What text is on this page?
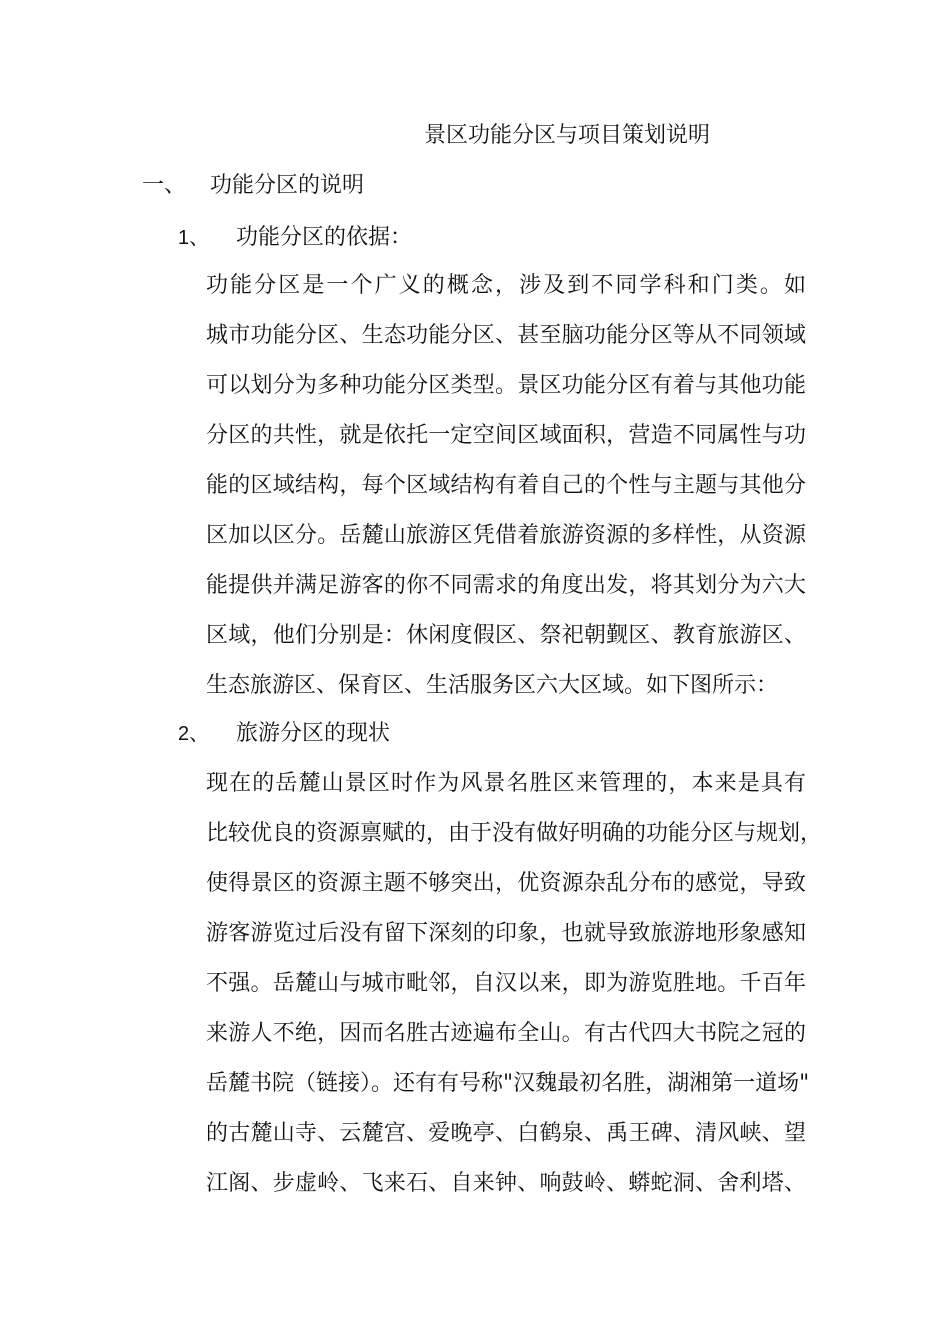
景区功能分区与项目策划说明
一、 功能分区的说明
1、 功能分区的依据：
功能分区是一个广义的概念，涉及到不同学科和门类。如
城市功能分区、生态功能分区、甚至脑功能分区等从不同领域
可以划分为多种功能分区类型。景区功能分区有着与其他功能
分区的共性，就是依托一定空间区域面积，营造不同属性与功
能的区域结构，每个区域结构有着自己的个性与主题与其他分
区加以区分。岳麓山旅游区凭借着旅游资源的多样性，从资源
能提供并满足游客的你不同需求的角度出发，将其划分为六大
区域，他们分别是：休闲度假区、祭祀朝觐区、教育旅游区、
生态旅游区、保育区、生活服务区六大区域。如下图所示：
2、 旅游分区的现状
现在的岳麓山景区时作为风景名胜区来管理的，本来是具有
比较优良的资源禀赋的，由于没有做好明确的功能分区与规划，
使得景区的资源主题不够突出，优资源杂乱分布的感觉，导致
游客游览过后没有留下深刻的印象，也就导致旅游地形象感知
不强。岳麓山与城市毗邻，自汉以来，即为游览胜地。千百年
来游人不绝，因而名胜古迹遍布全山。有古代四大书院之冠的
岳麓书院（链接）。还有有号称"汉魏最初名胜，湖湘第一道场"
的古麓山寺、云麓宫、爱晚亭、白鹤泉、禹王碑、清风峡、望
江阁、步虚岭、飞来石、自来钟、响鼓岭、蟒蛇洞、舍利塔、
